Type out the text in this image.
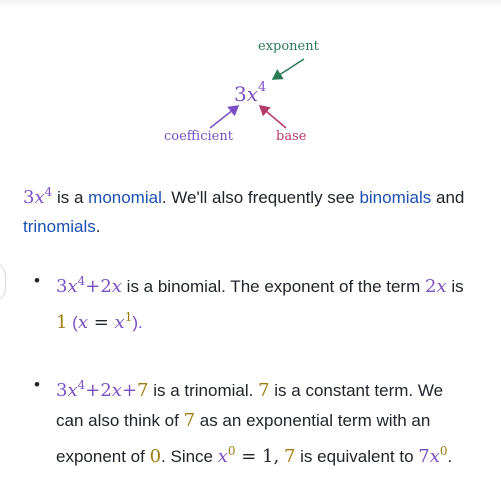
exponent
$3x^4$
coefficient	base
$3x^4$ is a monomial. We'll also frequently see binomials and trinomials.
• $3x^4+2x$ is a binomial. The exponent of the term 2x is 1 $(x = x^1)$.
• $3x^4+2x+7$ is a trinomial. 7 is a constant term. We can also think of 7 as an exponential term with an exponent of 0. Since $x^0 = 1$, 7 is equivalent to $7x^0$.
